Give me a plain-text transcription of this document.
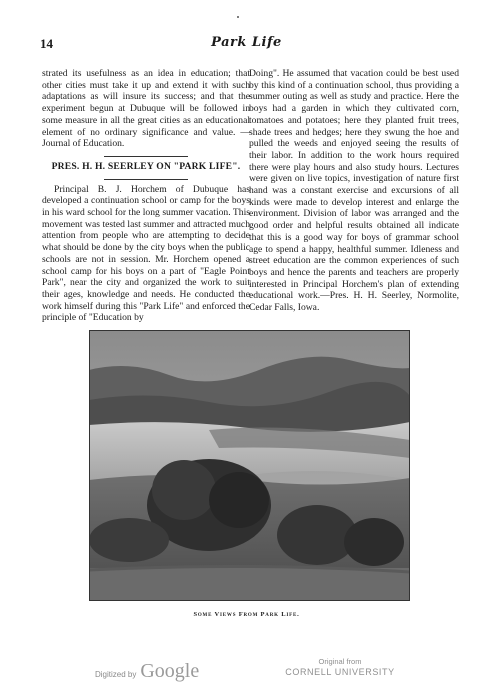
14	Park Life

strated its usefulness as an idea in education; that other cities must take it up and extend it with such adaptations as will insure its success; and that the experiment begun at Dubuque will be followed in some measure in all the great cities as an educational element of no ordinary significance and value. —Journal of Education.

PRES. H. H. SEERLEY ON "PARK LIFE".

Principal B. J. Horchem of Dubuque has developed a continuation school or camp for the boys in his ward school for the long summer vacation. This movement was tested last summer and attracted much attention from people who are attempting to decide what should be done by the city boys when the public schools are not in session. Mr. Horchem opened a school camp for his boys on a part of "Eagle Point Park", near the city and organized the work to suit their ages, knowledge and needs. He conducted the work himself during this "Park Life" and enforced the principle of "Education by

Doing". He assumed that vacation could be best used by this kind of a continuation school, thus providing a summer outing as well as study and practice. Here the boys had a garden in which they cultivated corn, tomatoes and potatoes; here they planted fruit trees, shade trees and hedges; here they swung the hoe and pulled the weeds and enjoyed seeing the results of their labor. In addition to the work hours required there were play hours and also study hours. Lectures were given on live topics, investigation of nature first hand was a constant exercise and excursions of all kinds were made to develop interest and enlarge the environment. Division of labor was arranged and the good order and helpful results obtained all indicate that this is a good way for boys of grammar school age to spend a happy, healthful summer. Idleness and street education are the common experiences of such boys and hence the parents and teachers are properly interested in Principal Horchem's plan of extending educational work.—Pres. H. H. Seerley, Normolite, Cedar Falls, Iowa.

Some Views From Park Life.
Digitized by Google	Original from
CORNELL UNIVERSITY
